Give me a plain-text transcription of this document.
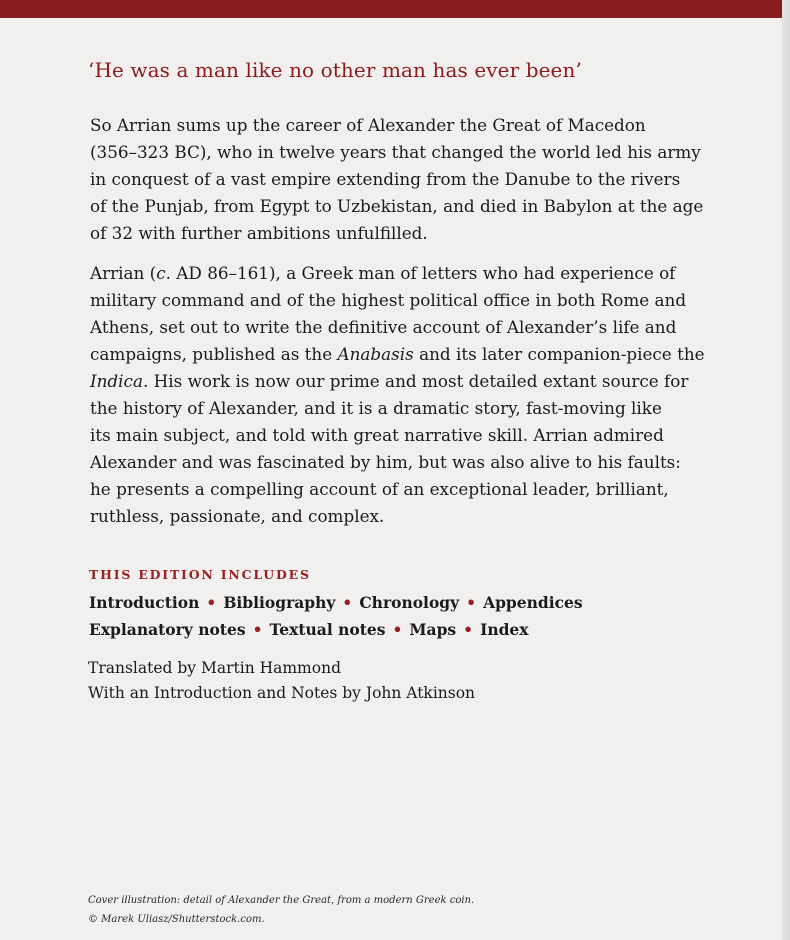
‘He was a man like no other man has ever been’
So Arrian sums up the career of Alexander the Great of Macedon
(356–323 BC), who in twelve years that changed the world led his army
in conquest of a vast empire extending from the Danube to the rivers
of the Punjab, from Egypt to Uzbekistan, and died in Babylon at the age
of 32 with further ambitions unfulfilled.
Arrian (c. AD 86–161), a Greek man of letters who had experience of
military command and of the highest political office in both Rome and
Athens, set out to write the definitive account of Alexander’s life and
campaigns, published as the Anabasis and its later companion-piece the
Indica. His work is now our prime and most detailed extant source for
the history of Alexander, and it is a dramatic story, fast-moving like
its main subject, and told with great narrative skill. Arrian admired
Alexander and was fascinated by him, but was also alive to his faults:
he presents a compelling account of an exceptional leader, brilliant,
ruthless, passionate, and complex.
THIS EDITION INCLUDES
Introduction • Bibliography • Chronology • Appendices
Explanatory notes • Textual notes • Maps • Index
Translated by Martin Hammond
With an Introduction and Notes by John Atkinson
Cover illustration: detail of Alexander the Great, from a modern Greek coin.
© Marek Uliasz/Shutterstock.com.
